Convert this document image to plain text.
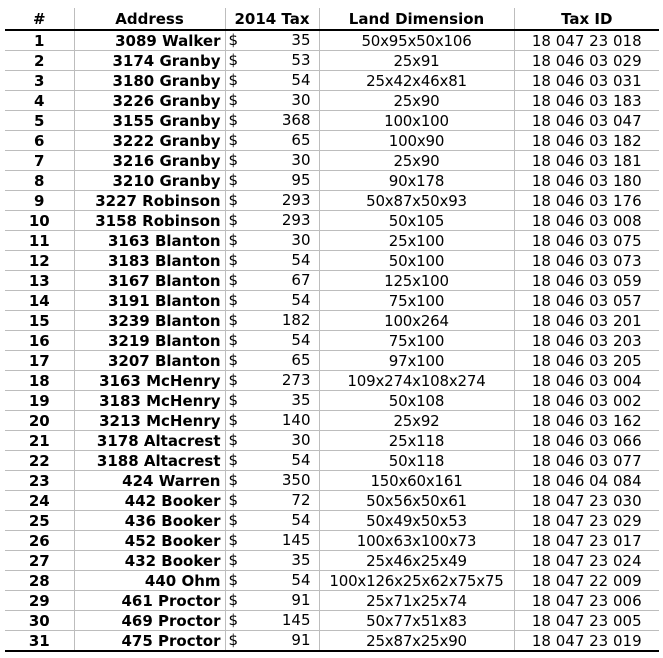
#	Address	2014 Tax	Land Dimension	Tax ID
1	3089 Walker	$ 35	50x95x50x106	18 047 23 018
2	3174 Granby	$ 53	25x91	18 046 03 029
3	3180 Granby	$ 54	25x42x46x81	18 046 03 031
4	3226 Granby	$ 30	25x90	18 046 03 183
5	3155 Granby	$ 368	100x100	18 046 03 047
6	3222 Granby	$ 65	100x90	18 046 03 182
7	3216 Granby	$ 30	25x90	18 046 03 181
8	3210 Granby	$ 95	90x178	18 046 03 180
9	3227 Robinson	$ 293	50x87x50x93	18 046 03 176
10	3158 Robinson	$ 293	50x105	18 046 03 008
11	3163 Blanton	$ 30	25x100	18 046 03 075
12	3183 Blanton	$ 54	50x100	18 046 03 073
13	3167 Blanton	$ 67	125x100	18 046 03 059
14	3191 Blanton	$ 54	75x100	18 046 03 057
15	3239 Blanton	$ 182	100x264	18 046 03 201
16	3219 Blanton	$ 54	75x100	18 046 03 203
17	3207 Blanton	$ 65	97x100	18 046 03 205
18	3163 McHenry	$ 273	109x274x108x274	18 046 03 004
19	3183 McHenry	$ 35	50x108	18 046 03 002
20	3213 McHenry	$ 140	25x92	18 046 03 162
21	3178 Altacrest	$ 30	25x118	18 046 03 066
22	3188 Altacrest	$ 54	50x118	18 046 03 077
23	424 Warren	$ 350	150x60x161	18 046 04 084
24	442 Booker	$ 72	50x56x50x61	18 047 23 030
25	436 Booker	$ 54	50x49x50x53	18 047 23 029
26	452 Booker	$ 145	100x63x100x73	18 047 23 017
27	432 Booker	$ 35	25x46x25x49	18 047 23 024
28	440 Ohm	$ 54	100x126x25x62x75x75	18 047 22 009
29	461 Proctor	$ 91	25x71x25x74	18 047 23 006
30	469 Proctor	$ 145	50x77x51x83	18 047 23 005
31	475 Proctor	$ 91	25x87x25x90	18 047 23 019
